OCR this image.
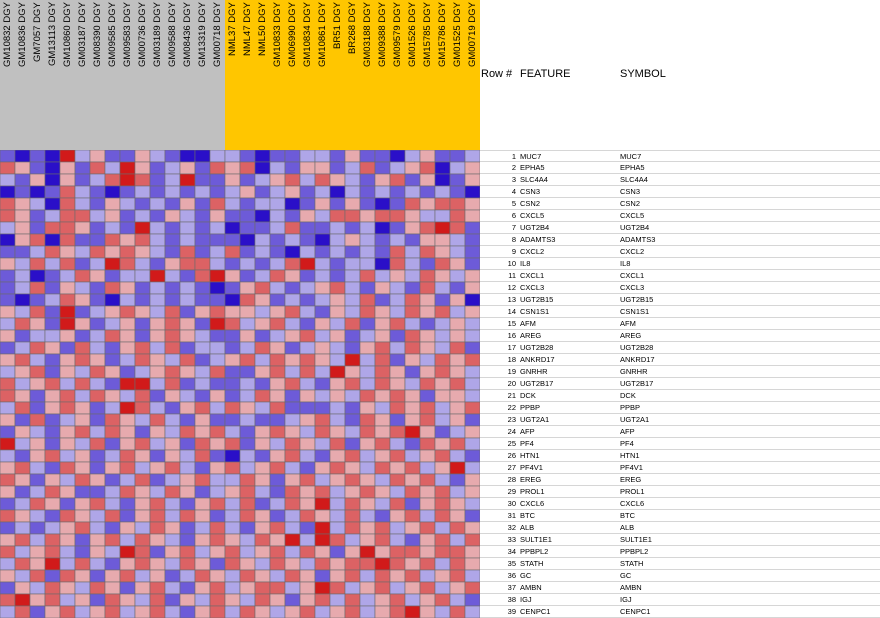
GM10832 DGY GM10836 DGY GM7057 DGY GM13113 DGY GM10860 DGY GM03187 DGY GM08390 DGY GM09585 DGY GM09583 DGY GM00736 DGY GM03189 DGY GM09588 DGY GM08436 DGY GM13319 DGY GM00718 DGY NML37 DGY NML47 DGY NML50 DGY GM10833 DGY GM06990 DGY GM10834 DGY GM10861 DGY BR51 DGY BR268 DGY GM03188 DGY GM09388 DGY GM09579 DGY GM01526 DGY GM15785 DGY GM15786 DGY GM01525 DGY GM00719 DGY
Row # FEATURE	SYMBOL
1 MUC7	MUC7
2 EPHA5	EPHA5
3 SLC4A4	SLC4A4
4 CSN3	CSN3
5 CSN2	CSN2
6 CXCL5	CXCL5
7 UGT2B4	UGT2B4
8 ADAMTS3	ADAMTS3
9 CXCL2	CXCL2
10 IL8	IL8
11 CXCL1	CXCL1
12 CXCL3	CXCL3
13 UGT2B15	UGT2B15
14 CSN1S1	CSN1S1
15 AFM	AFM
16 AREG	AREG
17 UGT2B28	UGT2B28
18 ANKRD17	ANKRD17
19 GNRHR	GNRHR
20 UGT2B17	UGT2B17
21 DCK	DCK
22 PPBP	PPBP
23 UGT2A1	UGT2A1
24 AFP	AFP
25 PF4	PF4
26 HTN1	HTN1
27 PF4V1	PF4V1
28 EREG	EREG
29 PROL1	PROL1
30 CXCL6	CXCL6
31 BTC	BTC
32 ALB	ALB
33 SULT1E1	SULT1E1
34 PPBPL2	PPBPL2
35 STATH	STATH
36 GC	GC
37 AMBN	AMBN
38 IGJ	IGJ
39 CENPC1	CENPC1
